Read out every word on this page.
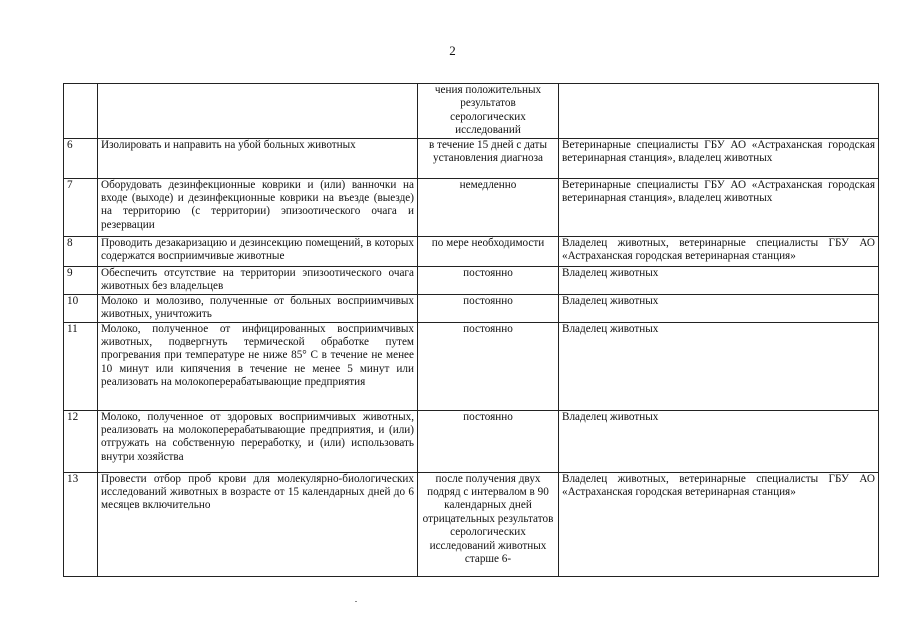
2
		чения положительных результатов серологических исследований	
6	Изолировать и направить на убой больных животных	в течение 15 дней с даты установления диагноза	Ветеринарные специалисты ГБУ АО «Астраханская городская ветеринарная станция», владелец животных
7	Оборудовать дезинфекционные коврики и (или) ванночки на входе (выходе) и дезинфекционные коврики на въезде (выезде) на территорию (с территории) эпизоотического очага и резервации	немедленно	Ветеринарные специалисты ГБУ АО «Астраханская городская ветеринарная станция», владелец животных
8	Проводить дезакаризацию и дезинсекцию помещений, в которых содержатся восприимчивые животные	по мере необходимости	Владелец животных, ветеринарные специалисты ГБУ АО «Астраханская городская ветеринарная станция»
9	Обеспечить отсутствие на территории эпизоотического очага животных без владельцев	постоянно	Владелец животных
10	Молоко и молозиво, полученные от больных восприимчивых животных, уничтожить	постоянно	Владелец животных
11	Молоко, полученное от инфицированных восприимчивых животных, подвергнуть термической обработке путем прогревания при температуре не ниже 85° С в течение не менее 10 минут или кипячения в течение не менее 5 минут или реализовать на молокоперерабатывающие предприятия	постоянно	Владелец животных
12	Молоко, полученное от здоровых восприимчивых животных, реализовать на молокоперерабатывающие предприятия, и (или) отгружать на собственную переработку, и (или) использовать внутри хозяйства	постоянно	Владелец животных
13	Провести отбор проб крови для молекулярно-биологических исследований животных в возрасте от 15 календарных дней до 6 месяцев включительно	после получения двух подряд с интервалом в 90 календарных дней отрицательных результатов серологических исследований животных старше 6-	Владелец животных, ветеринарные специалисты ГБУ АО «Астраханская городская ветеринарная станция»
